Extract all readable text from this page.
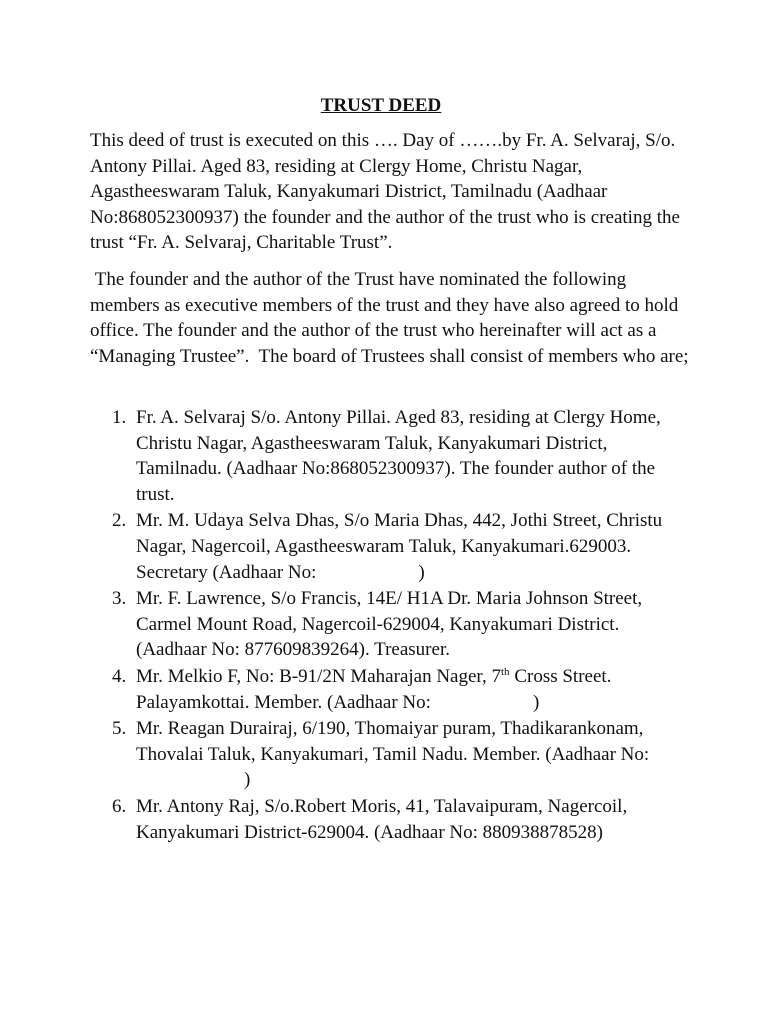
TRUST DEED
This deed of trust is executed on this …. Day of …….by Fr. A. Selvaraj, S/o. Antony Pillai. Aged 83, residing at Clergy Home, Christu Nagar, Agastheeswaram Taluk, Kanyakumari District, Tamilnadu (Aadhaar No:868052300937) the founder and the author of the trust who is creating the trust “Fr. A. Selvaraj, Charitable Trust”.
The founder and the author of the Trust have nominated the following members as executive members of the trust and they have also agreed to hold office. The founder and the author of the trust who hereinafter will act as a “Managing Trustee”.  The board of Trustees shall consist of members who are;
1. Fr. A. Selvaraj S/o. Antony Pillai. Aged 83, residing at Clergy Home, Christu Nagar, Agastheeswaram Taluk, Kanyakumari District, Tamilnadu. (Aadhaar No:868052300937). The founder author of the trust.
2. Mr. M. Udaya Selva Dhas, S/o Maria Dhas, 442, Jothi Street, Christu Nagar, Nagercoil, Agastheeswaram Taluk, Kanyakumari.629003.
Secretary (Aadhaar No:	)
3. Mr. F. Lawrence, S/o Francis, 14E/ H1A Dr. Maria Johnson Street, Carmel Mount Road, Nagercoil-629004, Kanyakumari District. (Aadhaar No: 877609839264). Treasurer.
4. Mr. Melkio F, No: B-91/2N Maharajan Nager, 7th Cross Street. Palayamkottai. Member. (Aadhaar No:	)
5. Mr. Reagan Durairaj, 6/190, Thomaiyar puram, Thadikarankonam, Thovalai Taluk, Kanyakumari, Tamil Nadu. Member. (Aadhaar No:)
6. Mr. Antony Raj, S/o.Robert Moris, 41, Talavaipuram, Nagercoil, Kanyakumari District-629004. (Aadhaar No: 880938878528)
